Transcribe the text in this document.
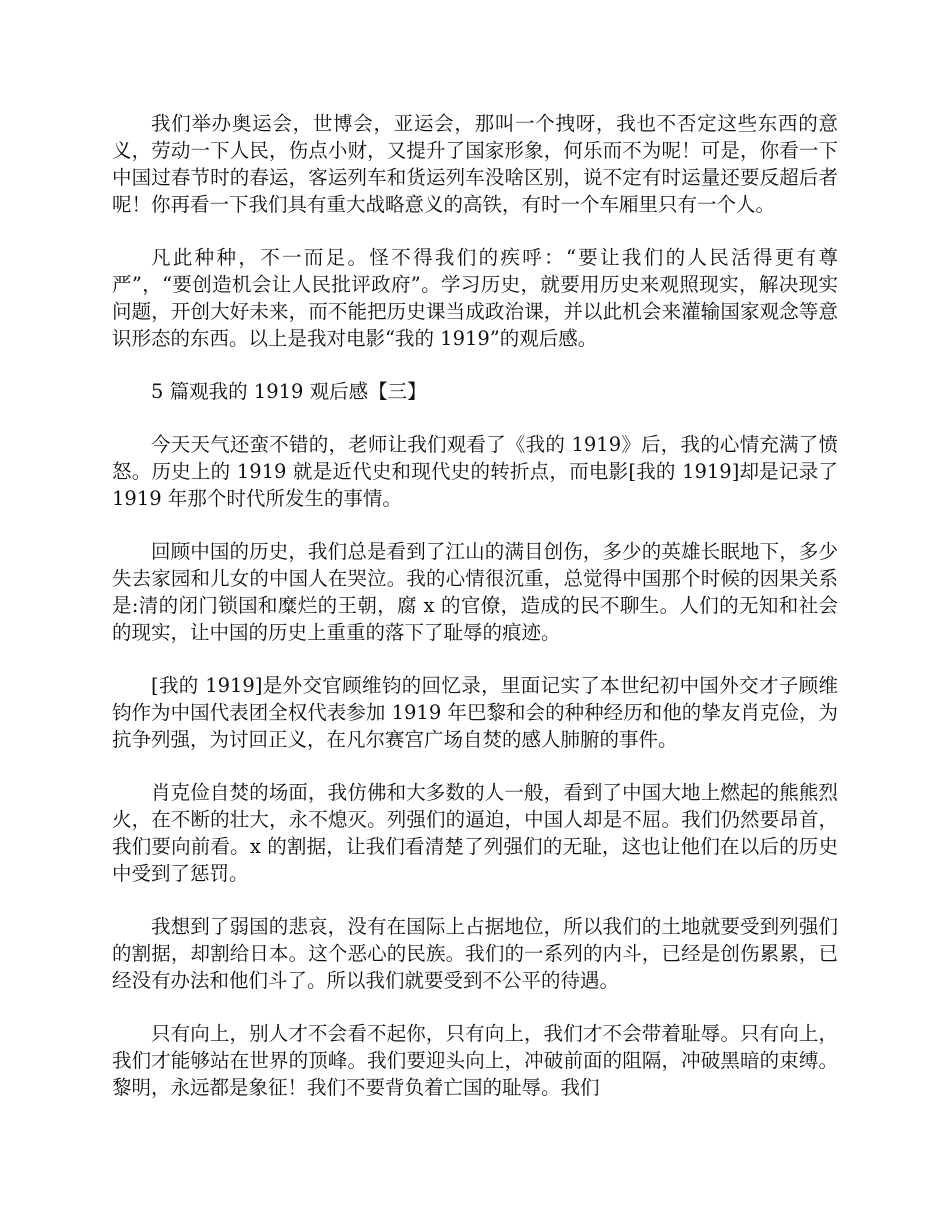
我们举办奥运会，世博会，亚运会，那叫一个拽呀，我也不否定这些东西的意义，劳动一下人民，伤点小财，又提升了国家形象，何乐而不为呢！可是，你看一下中国过春节时的春运，客运列车和货运列车没啥区别，说不定有时运量还要反超后者呢！你再看一下我们具有重大战略意义的高铁，有时一个车厢里只有一个人。

凡此种种，不一而足。怪不得我们的疾呼：“要让我们的人民活得更有尊严”，“要创造机会让人民批评政府”。学习历史，就要用历史来观照现实，解决现实问题，开创大好未来，而不能把历史课当成政治课，并以此机会来灌输国家观念等意识形态的东西。以上是我对电影“我的 1919”的观后感。

5 篇观我的 1919 观后感【三】

今天天气还蛮不错的，老师让我们观看了《我的 1919》后，我的心情充满了愤怒。历史上的 1919 就是近代史和现代史的转折点，而电影[我的 1919]却是记录了 1919 年那个时代所发生的事情。

回顾中国的历史，我们总是看到了江山的满目创伤，多少的英雄长眠地下，多少失去家园和儿女的中国人在哭泣。我的心情很沉重，总觉得中国那个时候的因果关系是:清的闭门锁国和糜烂的王朝，腐 x 的官僚，造成的民不聊生。人们的无知和社会的现实，让中国的历史上重重的落下了耻辱的痕迹。

[我的 1919]是外交官顾维钧的回忆录，里面记实了本世纪初中国外交才子顾维钧作为中国代表团全权代表参加 1919 年巴黎和会的种种经历和他的挚友肖克俭，为抗争列强，为讨回正义，在凡尔赛宫广场自焚的感人肺腑的事件。

肖克俭自焚的场面，我仿佛和大多数的人一般，看到了中国大地上燃起的熊熊烈火，在不断的壮大，永不熄灭。列强们的逼迫，中国人却是不屈。我们仍然要昂首，我们要向前看。x 的割据，让我们看清楚了列强们的无耻，这也让他们在以后的历史中受到了惩罚。

我想到了弱国的悲哀，没有在国际上占据地位，所以我们的土地就要受到列强们的割据，却割给日本。这个恶心的民族。我们的一系列的内斗，已经是创伤累累，已经没有办法和他们斗了。所以我们就要受到不公平的待遇。

只有向上，别人才不会看不起你，只有向上，我们才不会带着耻辱。只有向上，我们才能够站在世界的顶峰。我们要迎头向上，冲破前面的阻隔，冲破黑暗的束缚。黎明，永远都是象征！我们不要背负着亡国的耻辱。我们
